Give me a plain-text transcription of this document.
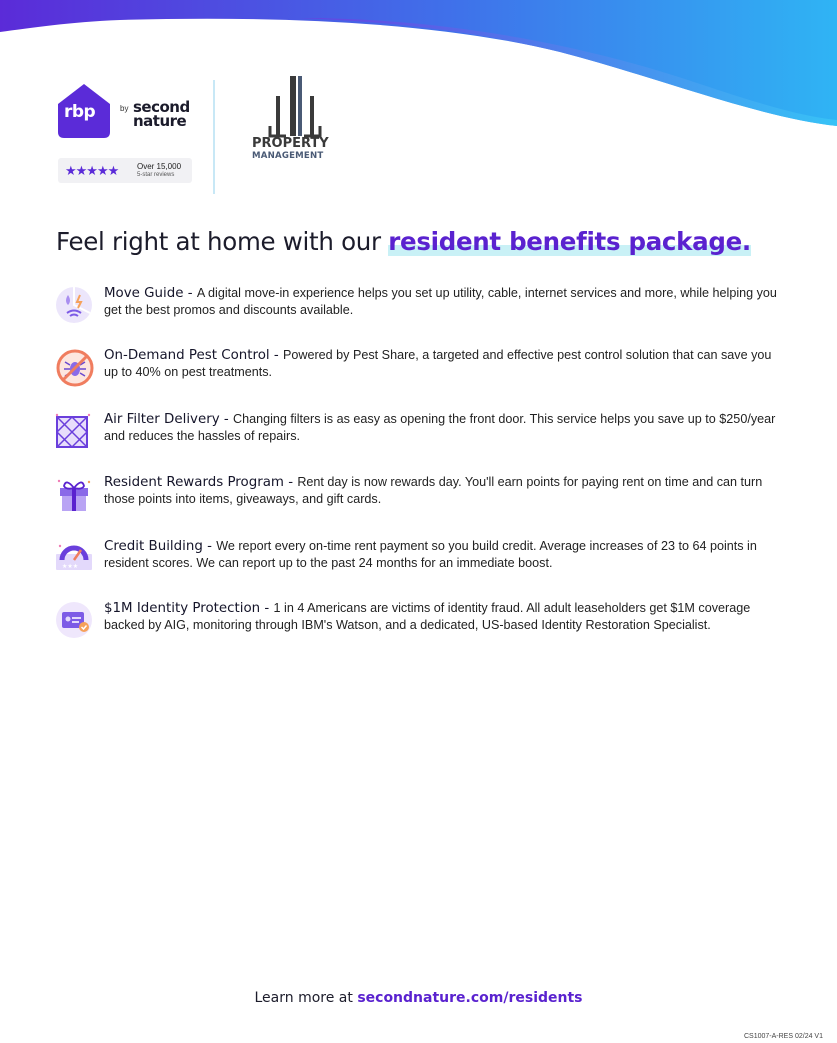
rbp	by second
nature
★★★★★ Over 15,000
5-star reviews
PROPERTY
MANAGEMENT
Feel right at home with our resident benefits package.
Move Guide - A digital move-in experience helps you set up utility, cable, internet services and more, while helping you get the best promos and discounts available.
On-Demand Pest Control - Powered by Pest Share, a targeted and effective pest control solution that can save you up to 40% on pest treatments.
Air Filter Delivery - Changing filters is as easy as opening the front door. This service helps you save up to $250/year and reduces the hassles of repairs.
Resident Rewards Program - Rent day is now rewards day. You'll earn points for paying rent on time and can turn those points into items, giveaways, and gift cards.
★★★
Credit Building - We report every on-time rent payment so you build credit. Average increases of 23 to 64 points in resident scores. We can report up to the past 24 months for an immediate boost.
$1M Identity Protection - 1 in 4 Americans are victims of identity fraud. All adult leaseholders get $1M coverage backed by AIG, monitoring through IBM's Watson, and a dedicated, US-based Identity Restoration Specialist.
Learn more at secondnature.com/residents
CS1007-A-RES 02/24 V1
